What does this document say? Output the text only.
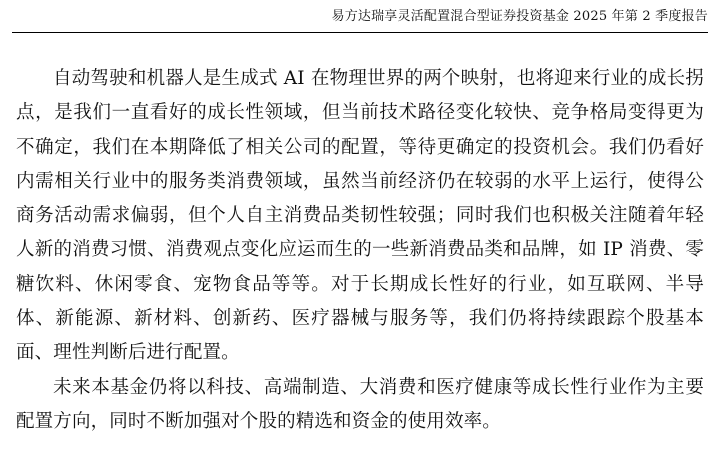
易方达瑞享灵活配置混合型证券投资基金 2025 年第 2 季度报告

自动驾驶和机器人是生成式 AI 在物理世界的两个映射，也将迎来行业的成长拐点，是我们一直看好的成长性领域，但当前技术路径变化较快、竞争格局变得更为不确定，我们在本期降低了相关公司的配置，等待更确定的投资机会。我们仍看好内需相关行业中的服务类消费领域，虽然当前经济仍在较弱的水平上运行，使得公商务活动需求偏弱，但个人自主消费品类韧性较强；同时我们也积极关注随着年轻人新的消费习惯、消费观点变化应运而生的一些新消费品类和品牌，如 IP 消费、零糖饮料、休闲零食、宠物食品等等。对于长期成长性好的行业，如互联网、半导体、新能源、新材料、创新药、医疗器械与服务等，我们仍将持续跟踪个股基本面、理性判断后进行配置。

未来本基金仍将以科技、高端制造、大消费和医疗健康等成长性行业作为主要配置方向，同时不断加强对个股的精选和资金的使用效率。
